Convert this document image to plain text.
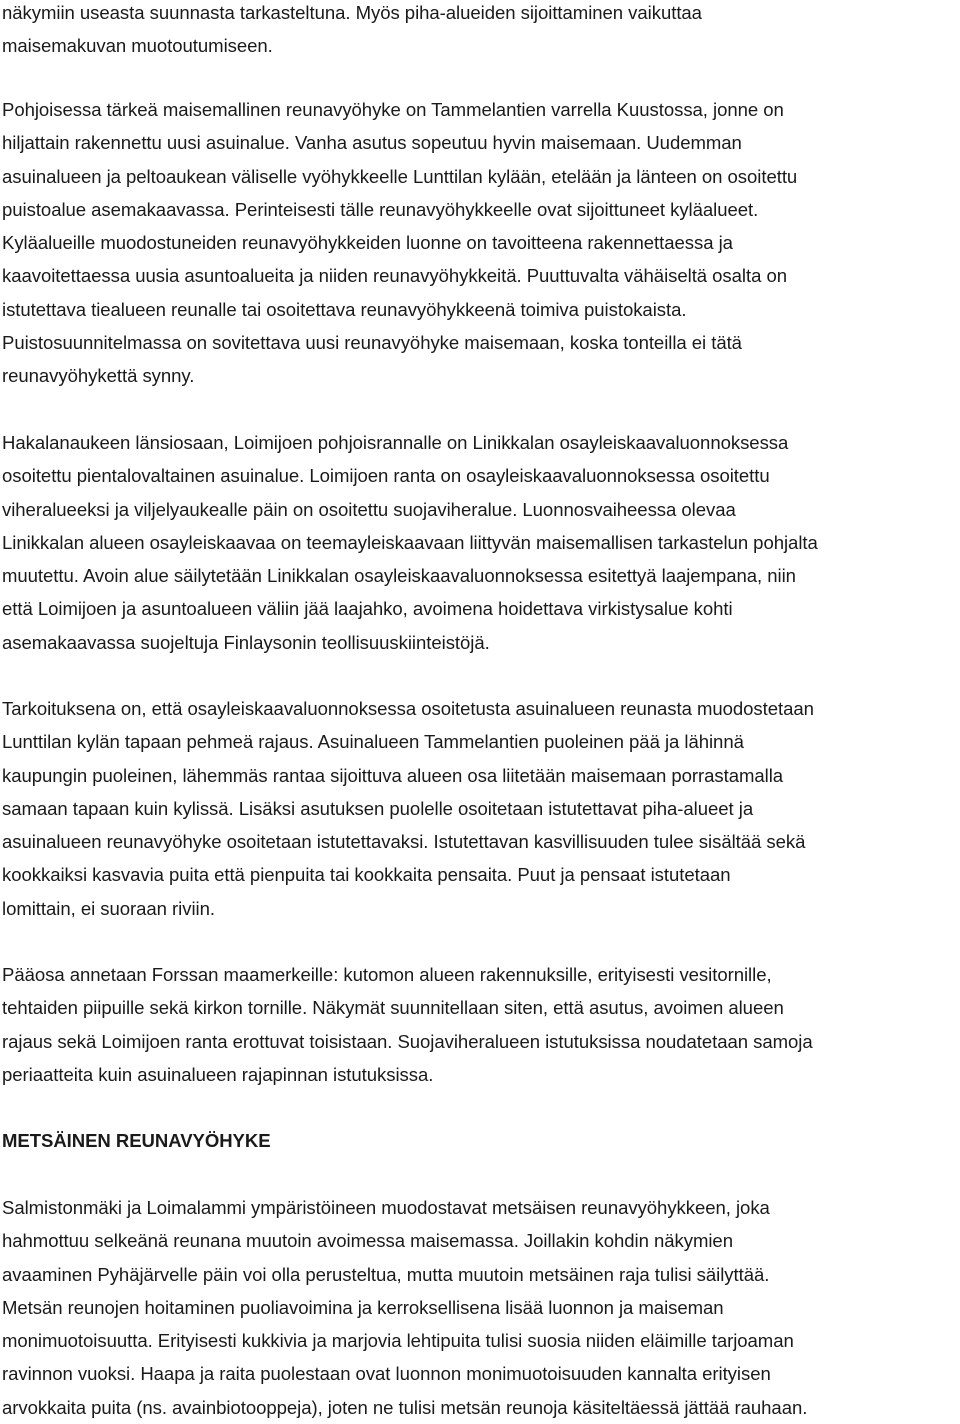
näkymiin useasta suunnasta tarkasteltuna. Myös piha-alueiden sijoittaminen vaikuttaa
maisemakuvan muotoutumiseen.
Pohjoisessa tärkeä maisemallinen reunavyöhyke on Tammelantien varrella Kuustossa, jonne on
hiljattain rakennettu uusi asuinalue. Vanha asutus sopeutuu hyvin maisemaan. Uudemman
asuinalueen ja peltoaukean väliselle vyöhykkeelle Lunttilan kylään, etelään ja länteen on osoitettu
puistoalue asemakaavassa. Perinteisesti tälle reunavyöhykkeelle ovat sijoittuneet kyläalueet.
Kyläalueille muodostuneiden reunavyöhykkeiden luonne on tavoitteena rakennettaessa ja
kaavoitettaessa uusia asuntoalueita ja niiden reunavyöhykkeitä. Puuttuvalta vähäiseltä osalta on
istutettava tiealueen reunalle tai osoitettava reunavyöhykkeenä toimiva puistokaista.
Puistosuunnitelmassa on sovitettava uusi reunavyöhyke maisemaan, koska tonteilla ei tätä
reunavyöhykettä synny.
Hakalanaukeen länsiosaan, Loimijoen pohjoisrannalle on Linikkalan osayleiskaavaluonnoksessa
osoitettu pientalovaltainen asuinalue. Loimijoen ranta on osayleiskaavaluonnoksessa osoitettu
viheralueeksi ja viljelyaukealle päin on osoitettu suojaviheralue. Luonnosvaiheessa olevaa
Linikkalan alueen osayleiskaavaa on teemayleiskaavaan liittyvän maisemallisen tarkastelun pohjalta
muutettu. Avoin alue säilytetään Linikkalan osayleiskaavaluonnoksessa esitettyä laajempana, niin
että Loimijoen ja asuntoalueen väliin jää laajahko, avoimena hoidettava virkistysalue kohti
asemakaavassa suojeltuja Finlaysonin teollisuuskiinteistöjä.
Tarkoituksena on, että osayleiskaavaluonnoksessa osoitetusta asuinalueen reunasta muodostetaan
Lunttilan kylän tapaan pehmeä rajaus. Asuinalueen Tammelantien puoleinen pää ja lähinnä
kaupungin puoleinen, lähemmäs rantaa sijoittuva alueen osa liitetään maisemaan porrastamalla
samaan tapaan kuin kylissä. Lisäksi asutuksen puolelle osoitetaan istutettavat piha-alueet ja
asuinalueen reunavyöhyke osoitetaan istutettavaksi. Istutettavan kasvillisuuden tulee sisältää sekä
kookkaiksi kasvavia puita että pienpuita tai kookkaita pensaita. Puut ja pensaat istutetaan
lomittain, ei suoraan riviin.
Pääosa annetaan Forssan maamerkeille: kutomon alueen rakennuksille, erityisesti vesitornille,
tehtaiden piipuille sekä kirkon tornille. Näkymät suunnitellaan siten, että asutus, avoimen alueen
rajaus sekä Loimijoen ranta erottuvat toisistaan. Suojaviheralueen istutuksissa noudatetaan samoja
periaatteita kuin asuinalueen rajapinnan istutuksissa.
METSÄINEN REUNAVYÖHYKE
Salmistonmäki ja Loimalammi ympäristöineen muodostavat metsäisen reunavyöhykkeen, joka
hahmottuu selkeänä reunana muutoin avoimessa maisemassa. Joillakin kohdin näkymien
avaaminen Pyhäjärvelle päin voi olla perusteltua, mutta muutoin metsäinen raja tulisi säilyttää.
Metsän reunojen hoitaminen puoliavoimina ja kerroksellisena lisää luonnon ja maiseman
monimuotoisuutta. Erityisesti kukkivia ja marjovia lehtipuita tulisi suosia niiden eläimille tarjoaman
ravinnon vuoksi. Haapa ja raita puolestaan ovat luonnon monimuotoisuuden kannalta erityisen
arvokkaita puita (ns. avainbiotooppeja), joten ne tulisi metsän reunoja käsiteltäessä jättää rauhaan.
